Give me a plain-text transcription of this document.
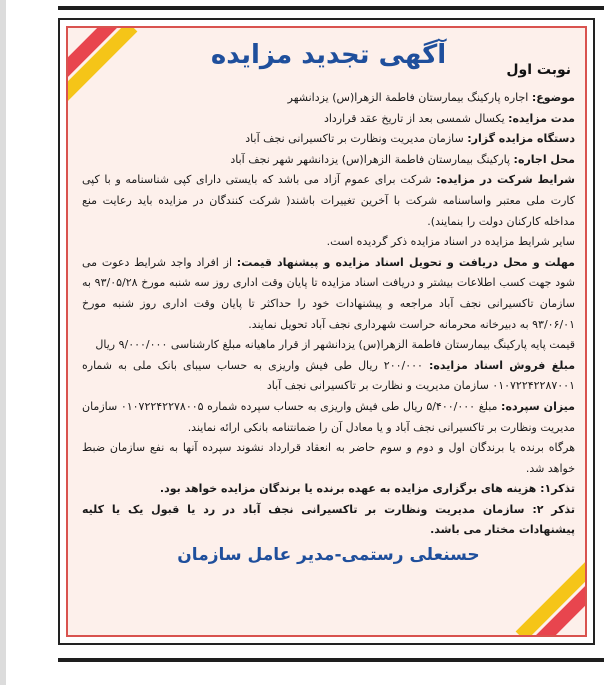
نوبت اول
آگهی تجدید مزایده

موضوع: اجاره پارکینگ بیمارستان فاطمة الزهرا(س) یزدانشهر

مدت مزایده: یکسال شمسی بعد از تاریخ عقد قرارداد

دستگاه مزایده گزار: سازمان مدیریت ونظارت بر تاکسیرانی نجف آباد

محل اجاره: پارکینگ بیمارستان فاطمة الزهرا(س) یزدانشهر شهر نجف آباد

شرایط شرکت در مزایده: شرکت برای عموم آزاد می باشد که بایستی دارای کپی شناسنامه و با کپی کارت ملی معتبر واساسنامه شرکت با آخرین تغییرات باشند( شرکت کنندگان در مزایده باید رعایت منع مداخله کارکنان دولت را بنمایند).

سایر شرایط مزایده در اسناد مزایده ذکر گردیده است.

مهلت و محل دریافت و تحویل اسناد مزایده و پیشنهاد قیمت: از افراد واجد شرایط دعوت می شود جهت کسب اطلاعات بیشتر و دریافت اسناد مزایده تا پایان وقت اداری روز سه شنبه مورخ ۹۳/۰۵/۲۸ به سازمان تاکسیرانی نجف آباد مراجعه و پیشنهادات خود را حداکثر تا پایان وقت اداری روز شنبه مورخ ۹۳/۰۶/۰۱ به دبیرخانه محرمانه حراست شهرداری نجف آباد تحویل نمایند.

قیمت پایه پارکینگ بیمارستان فاطمة الزهرا(س) یزدانشهر از قرار ماهیانه مبلغ کارشناسی ۹/۰۰۰/۰۰۰ ریال

مبلغ فروش اسناد مزایده: ۲۰۰/۰۰۰ ریال طی فیش واریزی به حساب سیبای بانک ملی به شماره ۰۱۰۷۲۲۴۲۲۸۷۰۰۱ سازمان مدیریت و نظارت بر تاکسیرانی نجف آباد

میزان سپرده: مبلغ ۵/۴۰۰/۰۰۰ ریال طی فیش واریزی به حساب سپرده شماره ۰۱۰۷۲۲۴۲۲۷۸۰۰۵ سازمان مدیریت ونظارت بر تاکسیرانی نجف آباد و یا معادل آن را ضمانتنامه بانکی ارائه نمایند.

هرگاه برنده یا برندگان اول و دوم و سوم حاضر به انعقاد قرارداد نشوند سپرده آنها به نفع سازمان ضبط خواهد شد.

تذکر۱: هزینه های برگزاری مزایده به عهده برنده یا برندگان مزایده خواهد بود.

تذکر ۲: سازمان مدیریت ونظارت بر تاکسیرانی نجف آباد در رد یا قبول یک یا کلیه پیشنهادات مختار می باشد.

حسنعلی رستمی-مدیر عامل سازمان
